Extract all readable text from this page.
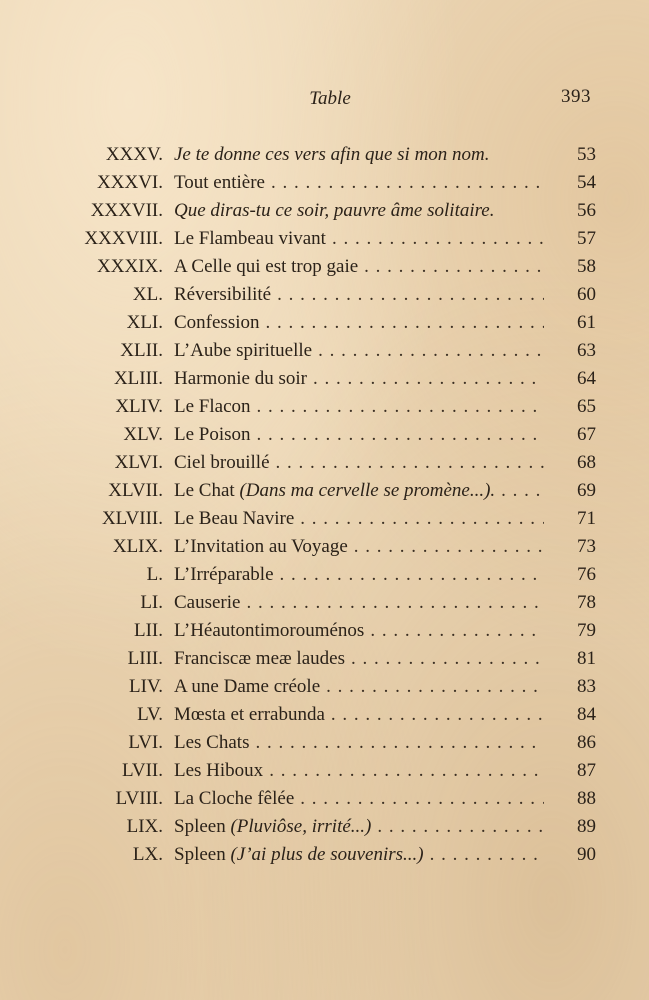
Table	393
XXXV. Je te donne ces vers afin que si mon nom.	53
XXXVI. Tout entière . . .	54
XXXVII. Que diras-tu ce soir, pauvre âme solitaire.	56
XXXVIII. Le Flambeau vivant . . .	57
XXXIX. A Celle qui est trop gaie . . .	58
XL. Réversibilité . . .	60
XLI. Confession . . .	61
XLII. L’Aube spirituelle . . .	63
XLIII. Harmonie du soir . . .	64
XLIV. Le Flacon . . .	65
XLV. Le Poison . . .	67
XLVI. Ciel brouillé . . .	68
XLVII. Le Chat (Dans ma cervelle se promène...). . . .	69
XLVIII. Le Beau Navire . . .	71
XLIX. L’Invitation au Voyage . . .	73
L. L’Irréparable . . .	76
LI. Causerie . . .	78
LII. L’Héautontimorouménos . . .	79
LIII. Franciscæ meæ laudes . . .	81
LIV. A une Dame créole . . .	83
LV. Mœsta et errabunda . . .	84
LVI. Les Chats . . .	86
LVII. Les Hiboux . . .	87
LVIII. La Cloche fêlée . . .	88
LIX. Spleen (Pluviôse, irrité...) . . .	89
LX. Spleen (J’ai plus de souvenirs...) . . .	90
